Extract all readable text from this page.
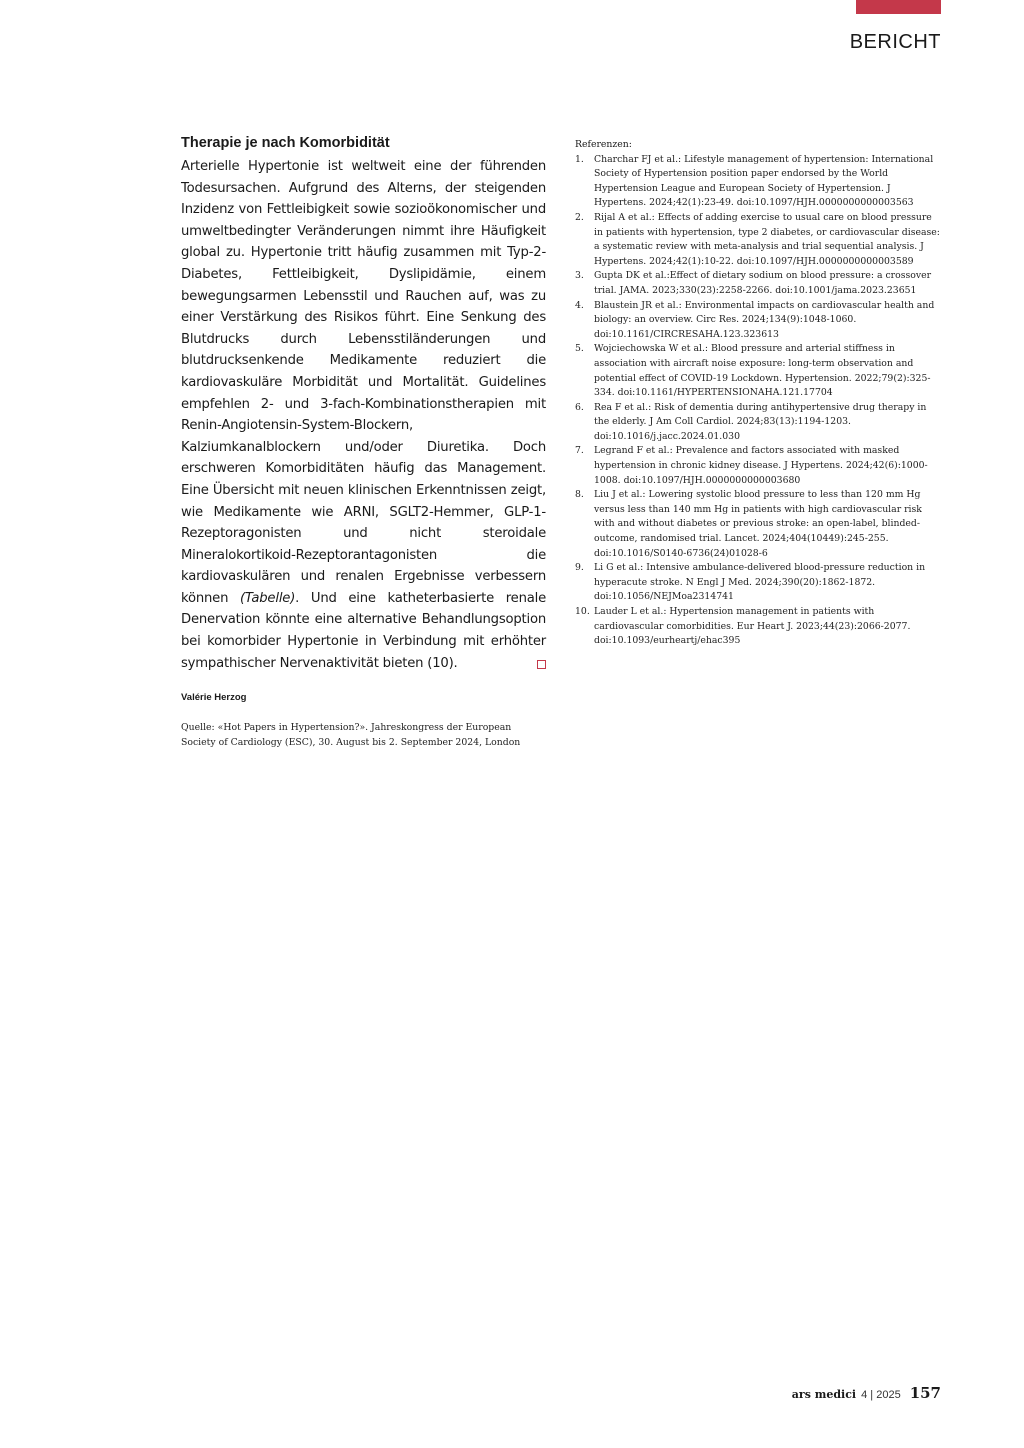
BERICHT
Therapie je nach Komorbidität

Arterielle Hypertonie ist weltweit eine der führenden Todesursachen. Aufgrund des Alterns, der steigenden Inzidenz von Fettleibigkeit sowie sozioökonomischer und umweltbedingter Veränderungen nimmt ihre Häufigkeit global zu. Hypertonie tritt häufig zusammen mit Typ-2-Diabetes, Fettleibigkeit, Dyslipidämie, einem bewegungsarmen Lebensstil und Rauchen auf, was zu einer Verstärkung des Risikos führt. Eine Senkung des Blutdrucks durch Lebensstiländerungen und blutdrucksenkende Medikamente reduziert die kardiovaskuläre Morbidität und Mortalität. Guidelines empfehlen 2- und 3-fach-Kombinationstherapien mit Renin-Angiotensin-System-Blockern, Kalziumkanalblockern und/oder Diuretika. Doch erschweren Komorbiditäten häufig das Management. Eine Übersicht mit neuen klinischen Erkenntnissen zeigt, wie Medikamente wie ARNI, SGLT2-Hemmer, GLP-1-Rezeptoragonisten und nicht steroidale Mineralokortikoid-Rezeptorantagonisten die kardiovaskulären und renalen Ergebnisse verbessern können (Tabelle). Und eine katheterbasierte renale Denervation könnte eine alternative Behandlungsoption bei komorbider Hypertonie in Verbindung mit erhöhter sympathischer Nervenaktivität bieten (10).

Valérie Herzog
Quelle: «Hot Papers in Hypertension?». Jahreskongress der European Society of Cardiology (ESC), 30. August bis 2. September 2024, London
Referenzen:
1.	Charchar FJ et al.: Lifestyle management of hypertension: International Society of Hypertension position paper endorsed by the World Hypertension League and European Society of Hypertension. J Hypertens. 2024;42(1):23-49. doi:10.1097/HJH.0000000000003563
2.	Rijal A et al.: Effects of adding exercise to usual care on blood pressure in patients with hypertension, type 2 diabetes, or cardiovascular disease: a systematic review with meta-analysis and trial sequential analysis. J Hypertens. 2024;42(1):10-22. doi:10.1097/HJH.0000000000003589
3.	Gupta DK et al.:Effect of dietary sodium on blood pressure: a crossover trial. JAMA. 2023;330(23):2258-2266. doi:10.1001/jama.2023.23651
4.	Blaustein JR et al.: Environmental impacts on cardiovascular health and biology: an overview. Circ Res. 2024;134(9):1048-1060. doi:10.1161/CIRCRESAHA.123.323613
5.	Wojciechowska W et al.: Blood pressure and arterial stiffness in association with aircraft noise exposure: long-term observation and potential effect of COVID-19 Lockdown. Hypertension. 2022;79(2):325-334. doi:10.1161/HYPERTENSIONAHA.121.17704
6.	Rea F et al.: Risk of dementia during antihypertensive drug therapy in the elderly. J Am Coll Cardiol. 2024;83(13):1194-1203. doi:10.1016/j.jacc.2024.01.030
7.	Legrand F et al.: Prevalence and factors associated with masked hypertension in chronic kidney disease. J Hypertens. 2024;42(6):1000-1008. doi:10.1097/HJH.0000000000003680
8.	Liu J et al.: Lowering systolic blood pressure to less than 120 mm Hg versus less than 140 mm Hg in patients with high cardiovascular risk with and without diabetes or previous stroke: an open-label, blinded-outcome, randomised trial. Lancet. 2024;404(10449):245-255. doi:10.1016/S0140-6736(24)01028-6
9.	Li G et al.: Intensive ambulance-delivered blood-pressure reduction in hyperacute stroke. N Engl J Med. 2024;390(20):1862-1872. doi:10.1056/NEJMoa2314741
10. Lauder L et al.: Hypertension management in patients with cardiovascular comorbidities. Eur Heart J. 2023;44(23):2066-2077. doi:10.1093/eurheartj/ehac395
ars medici 4 | 2025 157
